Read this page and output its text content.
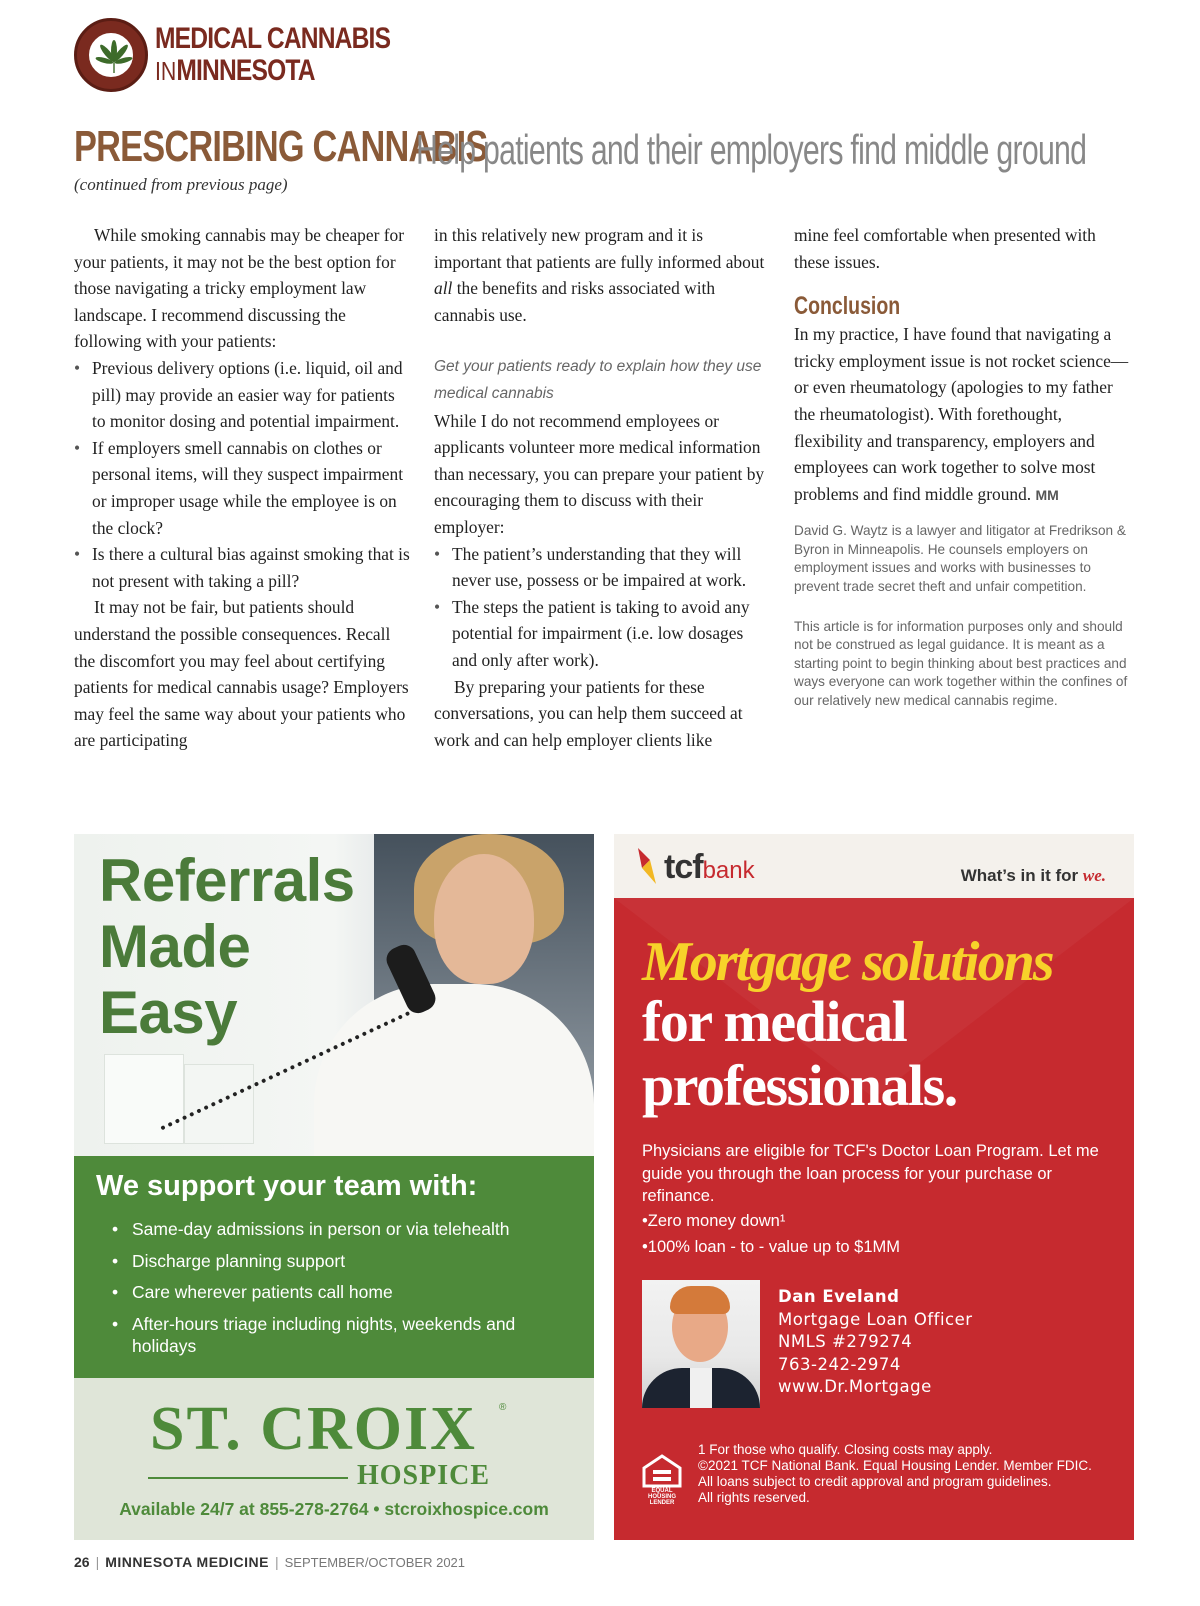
MEDICAL CANNABIS
INMINNESOTA
PRESCRIBING CANNABIS
Help patients and their employers find middle ground
(continued from previous page)

While smoking cannabis may be cheaper for your patients, it may not be the best option for those navigating a tricky employment law landscape. I recommend discussing the following with your patients:

• Previous delivery options (i.e. liquid, oil and pill) may provide an easier way for patients to monitor dosing and potential impairment.
• If employers smell cannabis on clothes or personal items, will they suspect impairment or improper usage while the employee is on the clock?
• Is there a cultural bias against smoking that is not present with taking a pill?

It may not be fair, but patients should understand the possible consequences. Recall the discomfort you may feel about certifying patients for medical cannabis usage? Employers may feel the same way about your patients who are participating

in this relatively new program and it is important that patients are fully informed about all the benefits and risks associated with cannabis use.

Get your patients ready to explain how they use medical cannabis

While I do not recommend employees or applicants volunteer more medical information than necessary, you can prepare your patient by encouraging them to discuss with their employer:

• The patient’s understanding that they will never use, possess or be impaired at work.
• The steps the patient is taking to avoid any potential for impairment (i.e. low dosages and only after work).

By preparing your patients for these conversations, you can help them succeed at work and can help employer clients like

mine feel comfortable when presented with these issues.

Conclusion

In my practice, I have found that navigating a tricky employment issue is not rocket science—or even rheumatology (apologies to my father the rheumatologist). With forethought, flexibility and transparency, employers and employees can work together to solve most problems and find middle ground. MM

David G. Waytz is a lawyer and litigator at Fredrikson & Byron in Minneapolis. He counsels employers on employment issues and works with businesses to prevent trade secret theft and unfair competition.

This article is for information purposes only and should not be construed as legal guidance. It is meant as a starting point to begin thinking about best practices and ways everyone can work together within the confines of our relatively new medical cannabis regime.

Referrals
Made
Easy
We support your team with:
• Same-day admissions in person or via telehealth
• Discharge planning support
• Care wherever patients call home
• After-hours triage including nights, weekends and holidays
ST. CROIX ®
HOSPICE
Available 24/7 at 855-278-2764 • stcroixhospice.com
tcfbank	What’s in it for we.
Mortgage solutions
for medical
professionals.
Physicians are eligible for TCF's Doctor Loan Program. Let me guide you through the loan process for your purchase or refinance.
• Zero money down¹
• 100% loan - to - value up to $1MM
Dan Eveland
Mortgage Loan Officer
NMLS #279274
763-242-2974
www.Dr.Mortgage
EQUAL HOUSING LENDER
1 For those who qualify. Closing costs may apply.
©2021 TCF National Bank. Equal Housing Lender. Member FDIC.
All loans subject to credit approval and program guidelines.
All rights reserved.
26 | MINNESOTA MEDICINE | SEPTEMBER/OCTOBER 2021
